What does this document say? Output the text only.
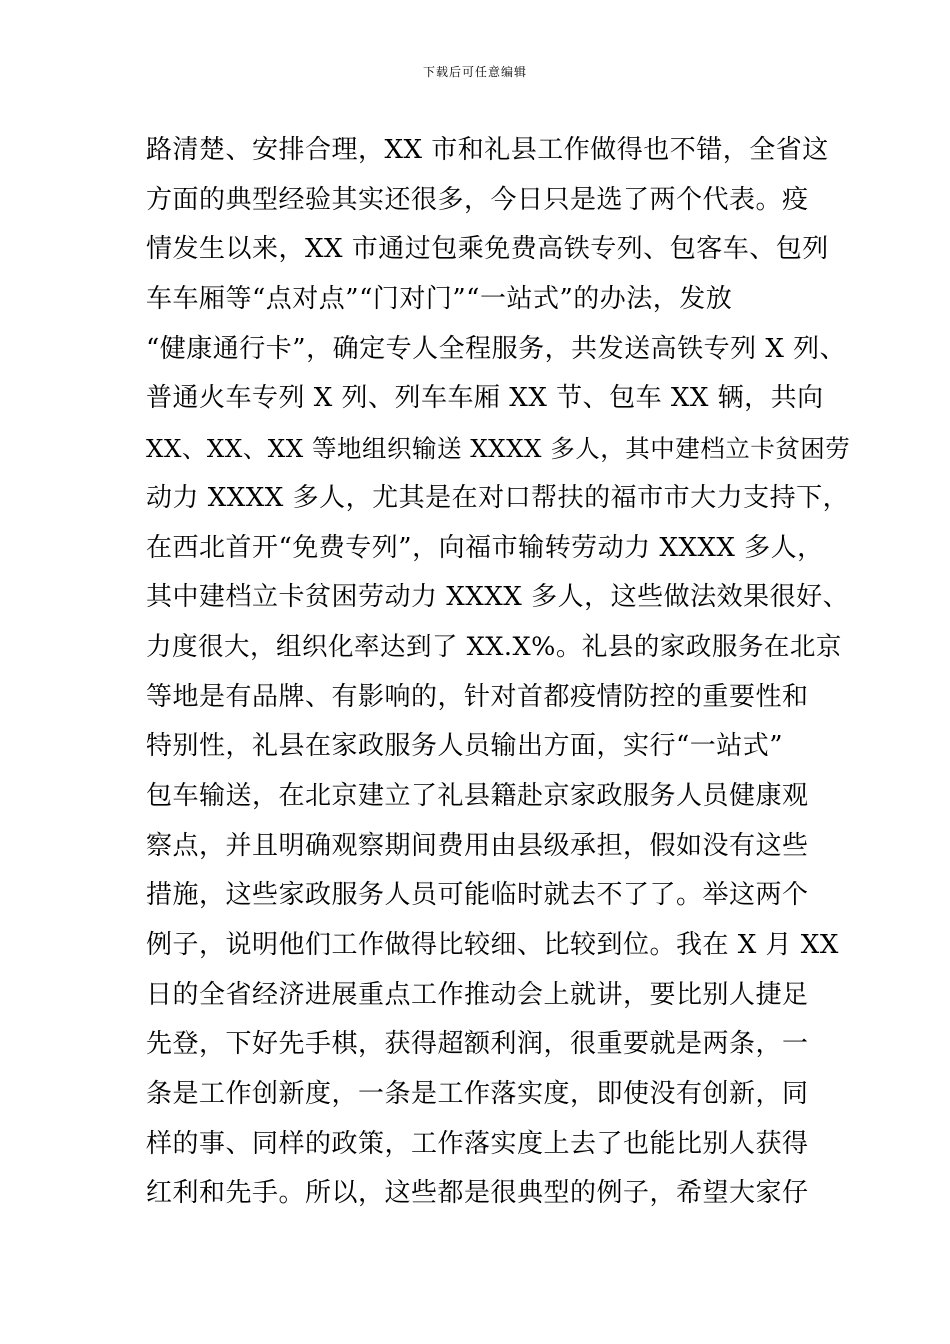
下载后可任意编辑
路清楚、安排合理，XX 市和礼县工作做得也不错，全省这
方面的典型经验其实还很多，今日只是选了两个代表。疫
情发生以来，XX 市通过包乘免费高铁专列、包客车、包列
车车厢等“点对点”“门对门”“一站式”的办法，发放
“健康通行卡”，确定专人全程服务，共发送高铁专列 X 列、
普通火车专列 X 列、列车车厢 XX 节、包车 XX 辆，共向
XX、XX、XX 等地组织输送 XXXX 多人，其中建档立卡贫困劳
动力 XXXX 多人，尤其是在对口帮扶的福市市大力支持下，
在西北首开“免费专列”，向福市输转劳动力 XXXX 多人，
其中建档立卡贫困劳动力 XXXX 多人，这些做法效果很好、
力度很大，组织化率达到了 XX.X%。礼县的家政服务在北京
等地是有品牌、有影响的，针对首都疫情防控的重要性和
特别性，礼县在家政服务人员输出方面，实行“一站式”
包车输送，在北京建立了礼县籍赴京家政服务人员健康观
察点，并且明确观察期间费用由县级承担，假如没有这些
措施，这些家政服务人员可能临时就去不了了。举这两个
例子，说明他们工作做得比较细、比较到位。我在 X 月 XX
日的全省经济进展重点工作推动会上就讲，要比别人捷足
先登，下好先手棋，获得超额利润，很重要就是两条，一
条是工作创新度，一条是工作落实度，即使没有创新，同
样的事、同样的政策，工作落实度上去了也能比别人获得
红利和先手。所以，这些都是很典型的例子，希望大家仔
